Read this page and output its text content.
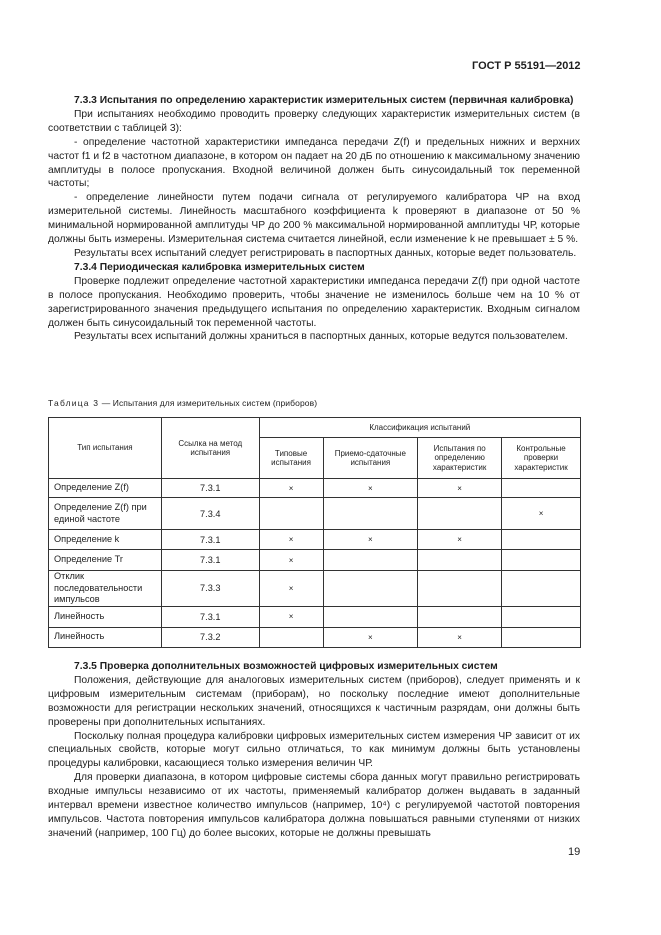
ГОСТ Р 55191—2012

7.3.3 Испытания по определению характеристик измерительных систем (первичная калибровка)

При испытаниях необходимо проводить проверку следующих характеристик измерительных систем (в соответствии с таблицей 3):

- определение частотной характеристики импеданса передачи Z(f) и предельных нижних и верхних частот f1 и f2 в частотном диапазоне, в котором он падает на 20 дБ по отношению к максимальному значению амплитуды в полосе пропускания. Входной величиной должен быть синусоидальный ток переменной частоты;

- определение линейности путем подачи сигнала от регулируемого калибратора ЧР на вход измерительной системы. Линейность масштабного коэффициента k проверяют в диапазоне от 50 % минимальной нормированной амплитуды ЧР до 200 % максимальной нормированной амплитуды ЧР, которые должны быть измерены. Измерительная система считается линейной, если изменение k не превышает ± 5 %.

Результаты всех испытаний следует регистрировать в паспортных данных, которые ведет пользователь.

7.3.4 Периодическая калибровка измерительных систем

Проверке подлежит определение частотной характеристики импеданса передачи Z(f) при одной частоте в полосе пропускания. Необходимо проверить, чтобы значение не изменилось больше чем на 10 % от зарегистрированного значения предыдущего испытания по определению характеристик. Входным сигналом должен быть синусоидальный ток переменной частоты.

Результаты всех испытаний должны храниться в паспортных данных, которые ведутся пользователем.

Таблица 3 — Испытания для измерительных систем (приборов)
Тип испытания	Ссылка на метод испытания	Классификация испытаний			
		Типовые испытания	Приемо-сдаточные испытания	Испытания по определению характеристик	Контрольные проверки характеристик
Определение Z(f)	7.3.1	×	×	×	
Определение Z(f) при единой частоте	7.3.4				×
Определение k	7.3.1	×	×	×	
Определение Tr	7.3.1	×			
Отклик последовательности импульсов	7.3.3	×			
Линейность	7.3.1	×			
Линейность	7.3.2		×	×	

7.3.5 Проверка дополнительных возможностей цифровых измерительных систем

Положения, действующие для аналоговых измерительных систем (приборов), следует применять и к цифровым измерительным системам (приборам), но поскольку последние имеют дополнительные возможности для регистрации нескольких значений, относящихся к частичным разрядам, они должны быть проверены при дополнительных испытаниях.

Поскольку полная процедура калибровки цифровых измерительных систем измерения ЧР зависит от их специальных свойств, которые могут сильно отличаться, то как минимум должны быть установлены процедуры калибровки, касающиеся только измерения величин ЧР.

Для проверки диапазона, в котором цифровые системы сбора данных могут правильно регистрировать входные импульсы независимо от их частоты, применяемый калибратор должен выдавать в заданный интервал времени известное количество импульсов (например, 10⁴) с регулируемой частотой повторения импульсов. Частота повторения импульсов калибратора должна повышаться равными ступенями от низких значений (например, 100 Гц) до более высоких, которые не должны превышать

19
